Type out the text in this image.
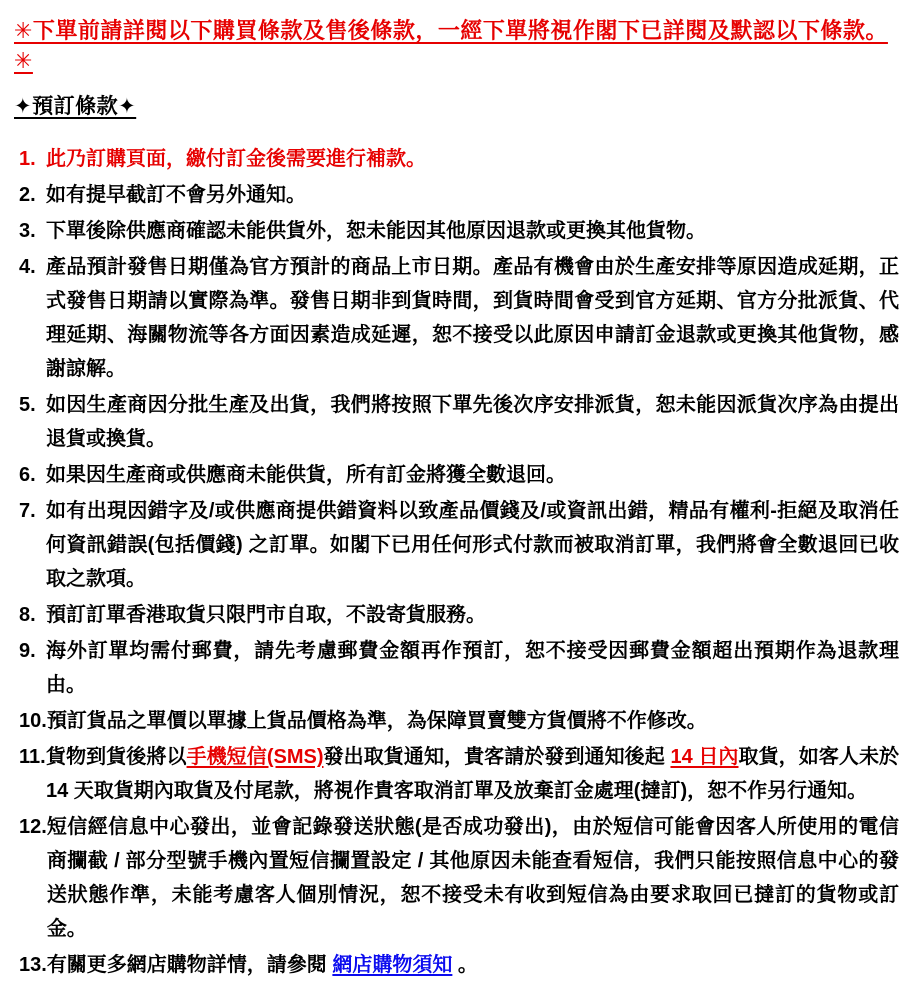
✳︎下單前請詳閱以下購買條款及售後條款，一經下單將視作閣下已詳閱及默認以下條款。✳︎
✦預訂條款✦
1. 此乃訂購頁面，繳付訂金後需要進行補款。

2. 如有提早截訂不會另外通知。

3. 下單後除供應商確認未能供貨外，恕未能因其他原因退款或更換其他貨物。

4. 產品預計發售日期僅為官方預計的商品上市日期。產品有機會由於生產安排等原因造成延期，正式發售日期請以實際為準。發售日期非到貨時間，到貨時間會受到官方延期、官方分批派貨、代理延期、海關物流等各方面因素造成延遲，恕不接受以此原因申請訂金退款或更換其他貨物，感謝諒解。

5. 如因生產商因分批生產及出貨，我們將按照下單先後次序安排派貨，恕未能因派貨次序為由提出退貨或換貨。

6. 如果因生產商或供應商未能供貨，所有訂金將獲全數退回。

7. 如有出現因錯字及/或供應商提供錯資料以致產品價錢及/或資訊出錯，精品有權利-拒絕及取消任何資訊錯誤(包括價錢) 之訂單。如閣下已用任何形式付款而被取消訂單，我們將會全數退回已收取之款項。

8. 預訂訂單香港取貨只限門市自取，不設寄貨服務。

9. 海外訂單均需付郵費，請先考慮郵費金額再作預訂，恕不接受因郵費金額超出預期作為退款理由。

10. 預訂貨品之單價以單據上貨品價格為準，為保障買賣雙方貨價將不作修改。

11. 貨物到貨後將以手機短信(SMS)發出取貨通知，貴客請於發到通知後起 14 日內取貨，如客人未於 14 天取貨期內取貨及付尾款，將視作貴客取消訂單及放棄訂金處理(撻訂)，恕不作另行通知。

12. 短信經信息中心發出，並會記錄發送狀態(是否成功發出)，由於短信可能會因客人所使用的電信商攔截 / 部分型號手機內置短信攔置設定 / 其他原因未能查看短信，我們只能按照信息中心的發送狀態作準，未能考慮客人個別情況，恕不接受未有收到短信為由要求取回已撻訂的貨物或訂金。

13. 有關更多網店購物詳情，請參閱 網店購物須知 。
